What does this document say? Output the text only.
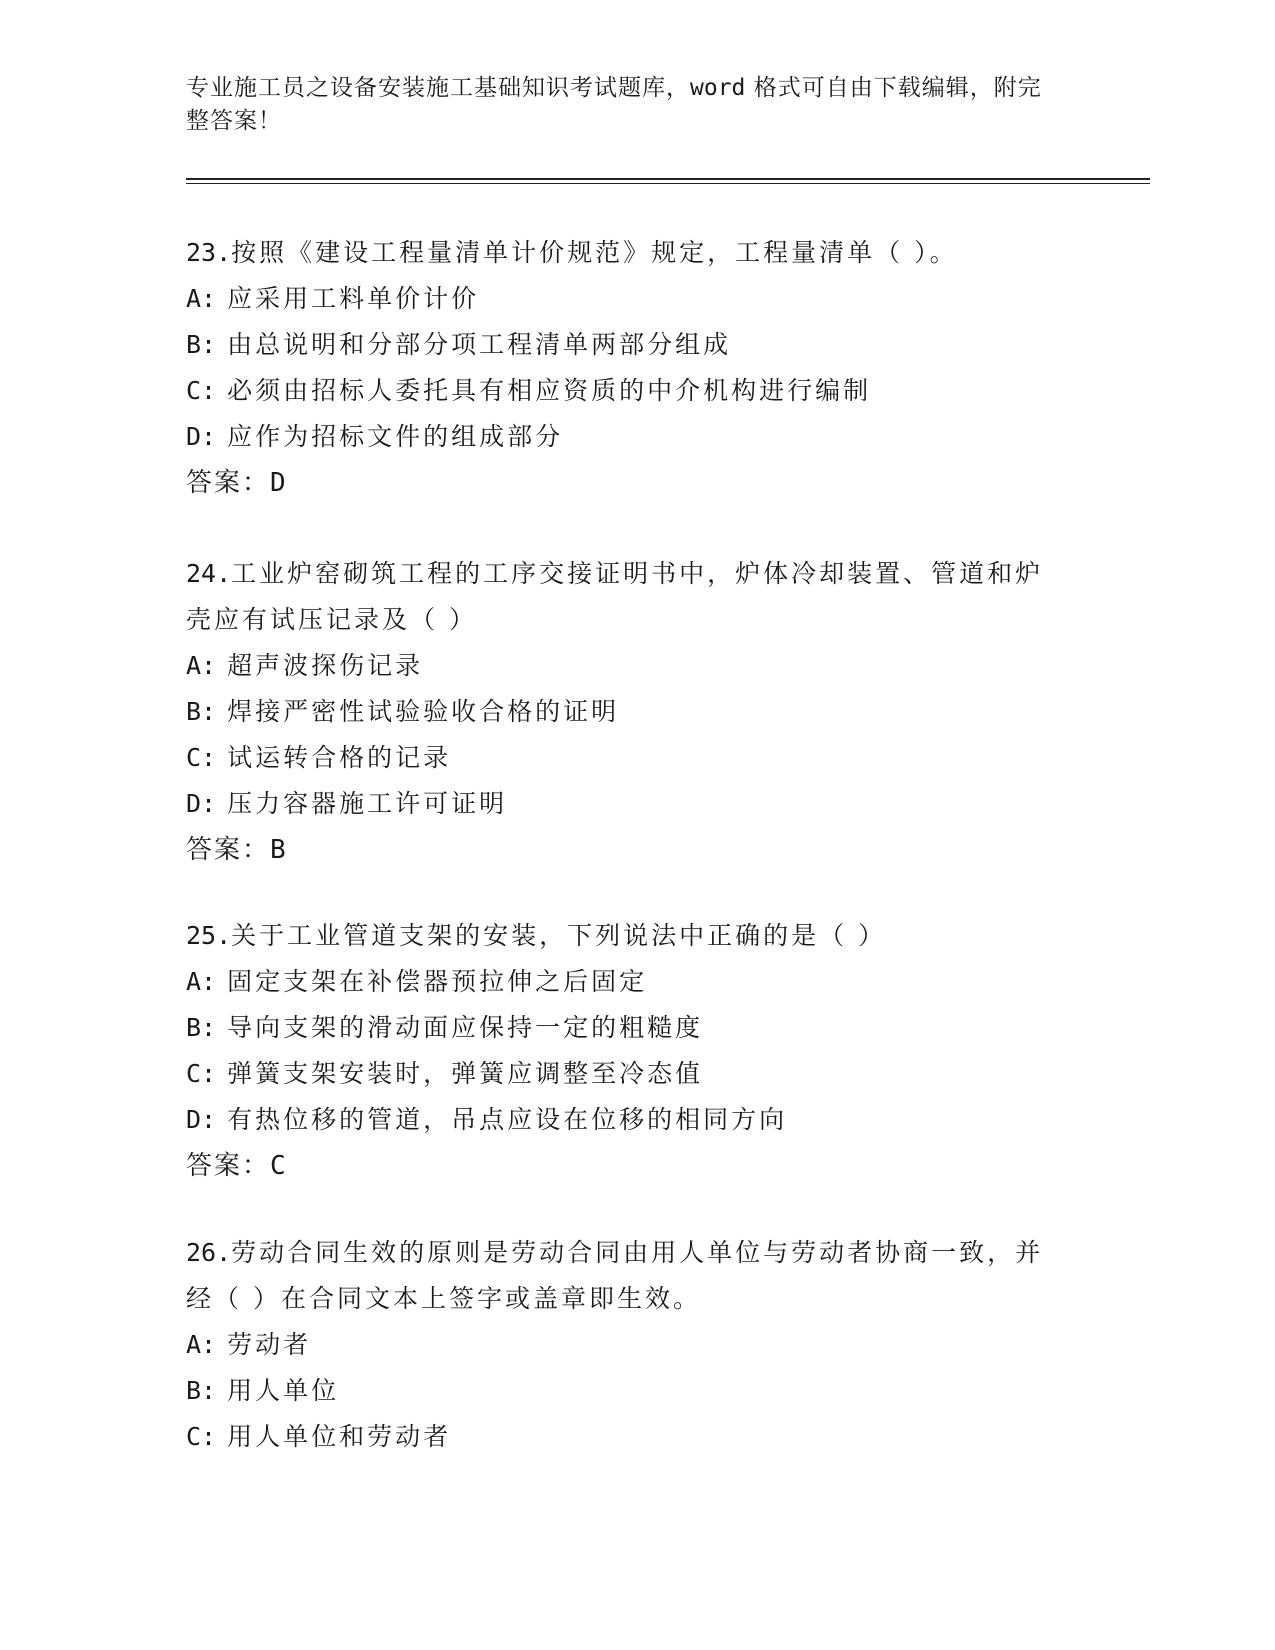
专业施工员之设备安装施工基础知识考试题库，word 格式可自由下载编辑，附完
整答案！
23.按照《建设工程量清单计价规范》规定，工程量清单（ ）。
A: 应采用工料单价计价
B: 由总说明和分部分项工程清单两部分组成
C: 必须由招标人委托具有相应资质的中介机构进行编制
D: 应作为招标文件的组成部分
答案：D
24.工业炉窑砌筑工程的工序交接证明书中，炉体冷却装置、管道和炉
壳应有试压记录及（ ）
A: 超声波探伤记录
B: 焊接严密性试验验收合格的证明
C: 试运转合格的记录
D: 压力容器施工许可证明
答案：B
25.关于工业管道支架的安装，下列说法中正确的是（ ）
A: 固定支架在补偿器预拉伸之后固定
B: 导向支架的滑动面应保持一定的粗糙度
C: 弹簧支架安装时，弹簧应调整至冷态值
D: 有热位移的管道，吊点应设在位移的相同方向
答案：C
26.劳动合同生效的原则是劳动合同由用人单位与劳动者协商一致，并
经（ ）在合同文本上签字或盖章即生效。
A: 劳动者
B: 用人单位
C: 用人单位和劳动者
